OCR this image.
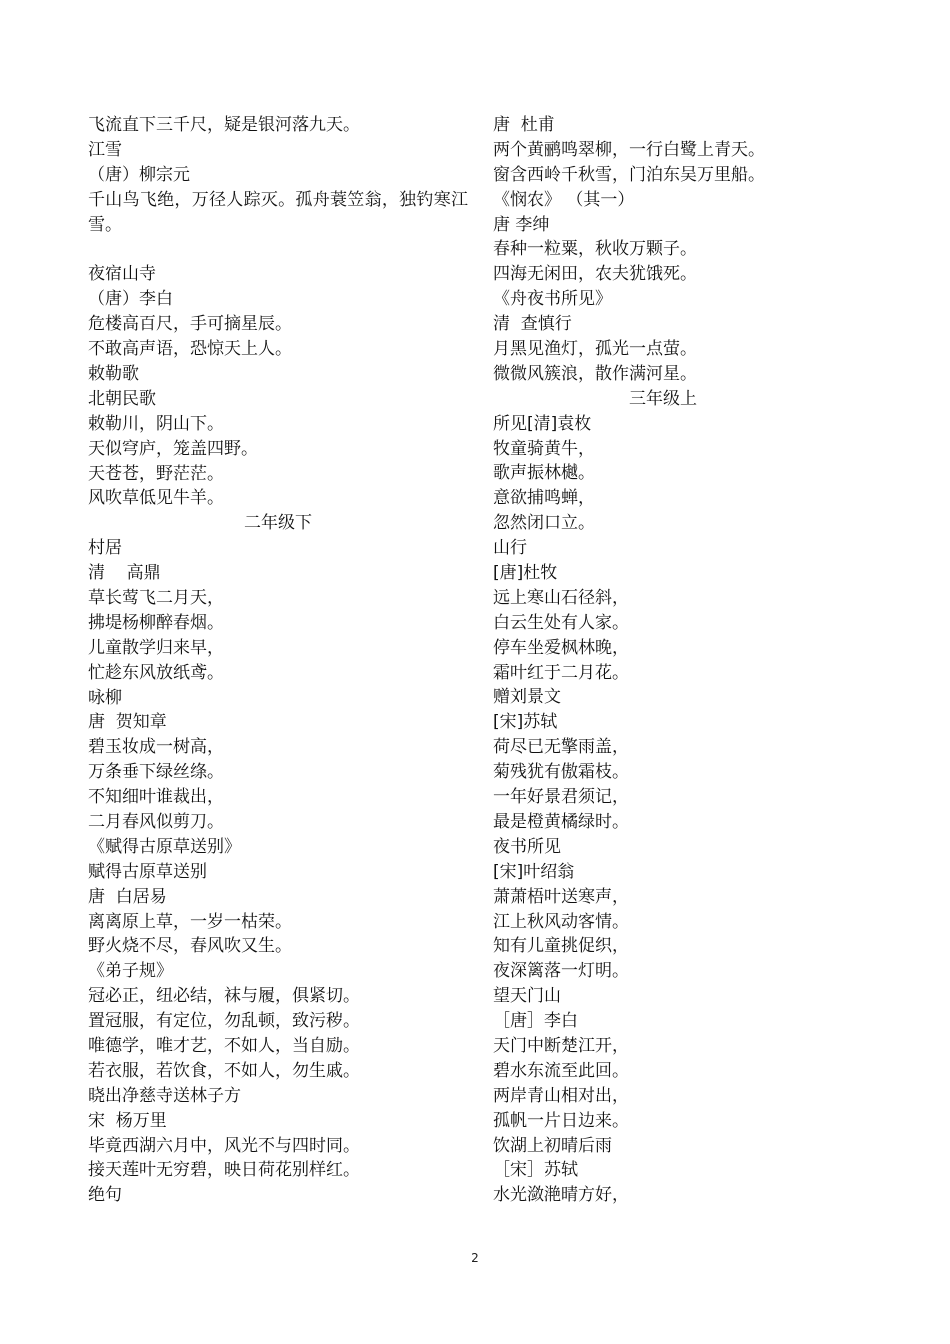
飞流直下三千尺，疑是银河落九天。
江雪
（唐）柳宗元
千山鸟飞绝，万径人踪灭。孤舟蓑笠翁，独钓寒江雪。
夜宿山寺
（唐）李白
危楼高百尺，手可摘星辰。
不敢高声语，恐惊天上人。
敕勒歌
北朝民歌
敕勒川，阴山下。
天似穹庐，笼盖四野。
天苍苍，野茫茫。
风吹草低见牛羊。
二年级下
村居
清    高鼎
草长莺飞二月天，
拂堤杨柳醉春烟。
儿童散学归来早，
忙趁东风放纸鸢。
咏柳
唐  贺知章
碧玉妆成一树高，
万条垂下绿丝绦。
不知细叶谁裁出，
二月春风似剪刀。
《赋得古原草送别》
赋得古原草送别
唐  白居易
离离原上草，一岁一枯荣。
野火烧不尽，春风吹又生。
《弟子规》
冠必正，纽必结，袜与履，俱紧切。
置冠服，有定位，勿乱顿，致污秽。
唯德学，唯才艺，不如人，当自励。
若衣服，若饮食，不如人，勿生戚。
晓出净慈寺送林子方
宋  杨万里
毕竟西湖六月中，风光不与四时同。
接天莲叶无穷碧，映日荷花别样红。
绝句
唐  杜甫
两个黄鹂鸣翠柳，一行白鹭上青天。
窗含西岭千秋雪，门泊东吴万里船。
《悯农》 （其一）
唐 李绅
春种一粒粟，秋收万颗子。
四海无闲田，农夫犹饿死。
《舟夜书所见》
清  查慎行
月黑见渔灯，孤光一点萤。
微微风簇浪，散作满河星。
三年级上
所见[清]袁枚
牧童骑黄牛，
歌声振林樾。
意欲捕鸣蝉，
忽然闭口立。
山行
[唐]杜牧
远上寒山石径斜，
白云生处有人家。
停车坐爱枫林晚，
霜叶红于二月花。
赠刘景文
[宋]苏轼
荷尽已无擎雨盖，
菊残犹有傲霜枝。
一年好景君须记，
最是橙黄橘绿时。
夜书所见
[宋]叶绍翁
萧萧梧叶送寒声，
江上秋风动客情。
知有儿童挑促织，
夜深篱落一灯明。
望天门山
［唐］李白
天门中断楚江开，
碧水东流至此回。
两岸青山相对出，
孤帆一片日边来。
饮湖上初晴后雨
［宋］苏轼
水光潋滟晴方好，
2
